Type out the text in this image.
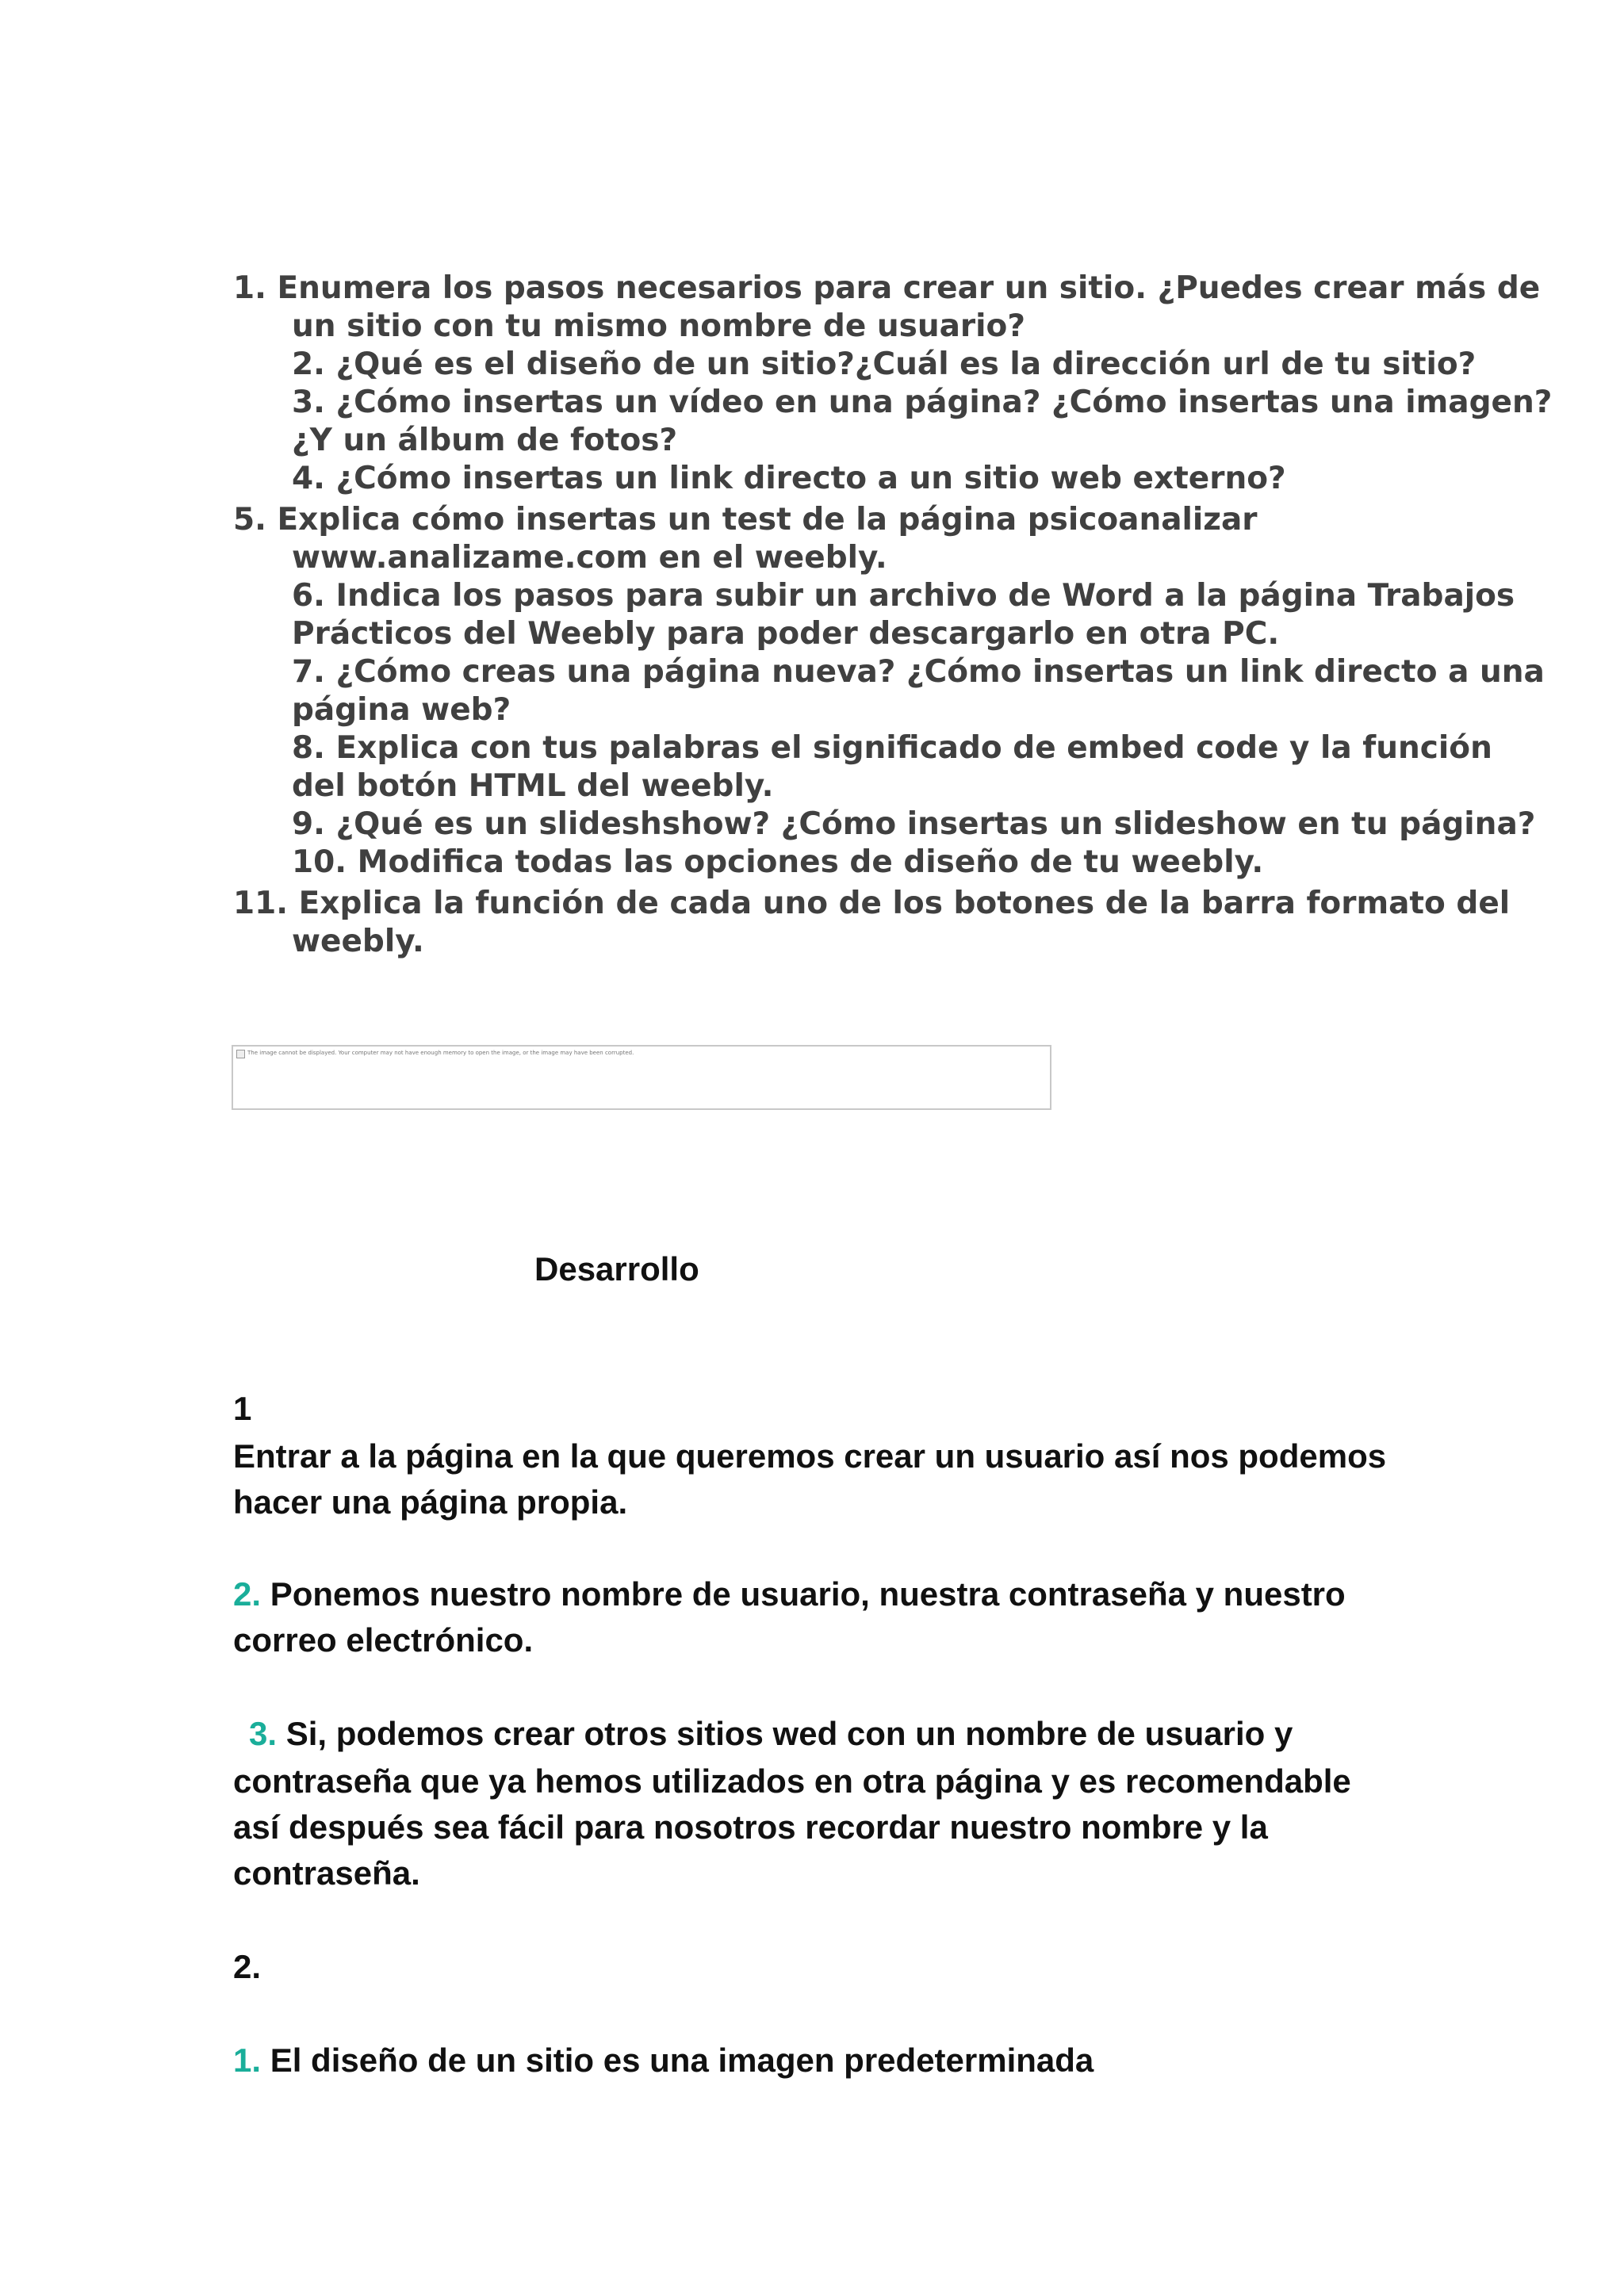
1. Enumera los pasos necesarios para crear un sitio. ¿Puedes crear más de
un sitio con tu mismo nombre de usuario?
2. ¿Qué es el diseño de un sitio?¿Cuál es la dirección url de tu sitio?
3. ¿Cómo insertas un vídeo en una página? ¿Cómo insertas una imagen?
¿Y un álbum de fotos?
4. ¿Cómo insertas un link directo a un sitio web externo?
5. Explica cómo insertas un test de la página psicoanalizar
www.analizame.com en el weebly.
6. Indica los pasos para subir un archivo de Word a la página Trabajos
Prácticos del Weebly para poder descargarlo en otra PC.
7. ¿Cómo creas una página nueva? ¿Cómo insertas un link directo a una
página web?
8. Explica con tus palabras el significado de embed code y la función
del botón HTML del weebly.
9. ¿Qué es un slideshshow? ¿Cómo insertas un slideshow en tu página?
10. Modifica todas las opciones de diseño de tu weebly.
11. Explica la función de cada uno de los botones de la barra formato del
weebly.
The image cannot be displayed. Your computer may not have enough memory to open the image, or the image may have been corrupted.
Desarrollo
1
Entrar a la página en la que queremos crear un usuario así nos podemos
hacer una página propia.
2. Ponemos nuestro nombre de usuario, nuestra contraseña y nuestro
correo electrónico.
3. Si, podemos crear otros sitios wed con un nombre de usuario y
contraseña que ya hemos utilizados en otra página y es recomendable
así después sea fácil para nosotros recordar nuestro nombre y la
contraseña.
2.
1. El diseño de un sitio es una imagen predeterminada
